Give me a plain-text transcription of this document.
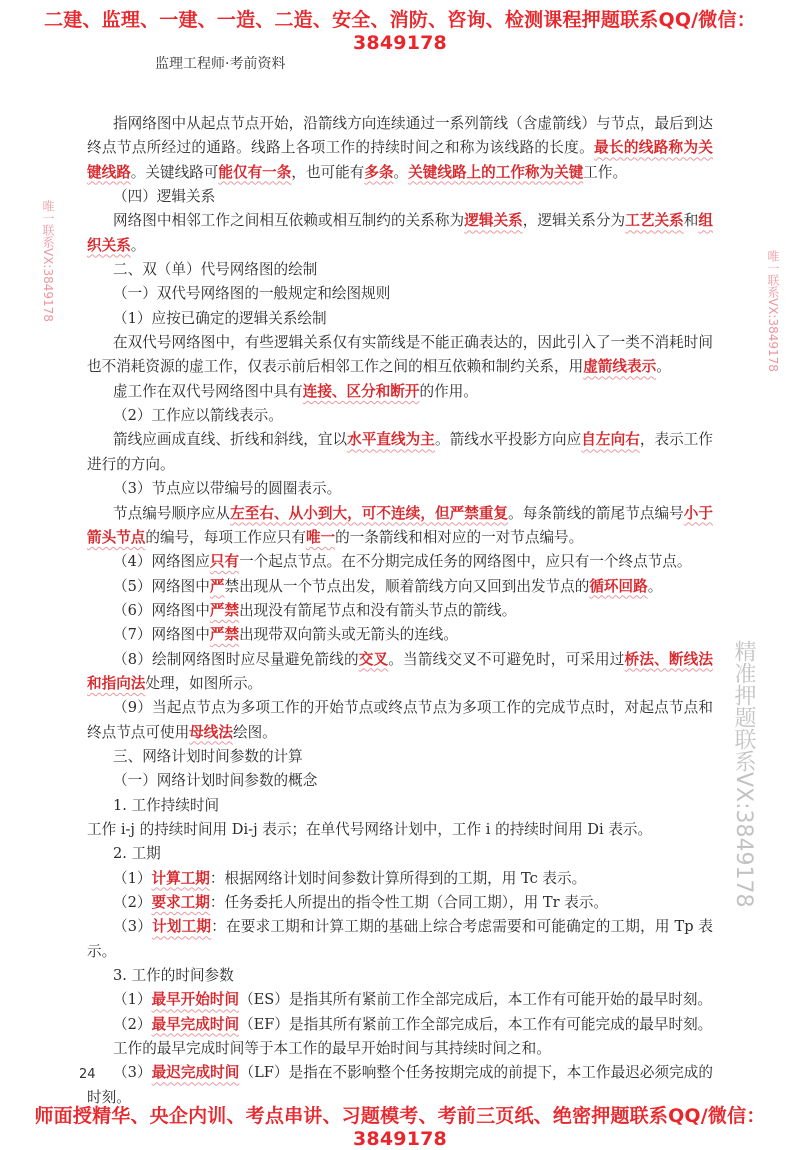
二建、监理、一建、一造、二造、安全、消防、咨询、检测课程押题联系QQ/微信：3849178
监理工程师·考前资料

指网络图中从起点节点开始，沿箭线方向连续通过一系列箭线（含虚箭线）与节点，最后到达终点节点所经过的通路。线路上各项工作的持续时间之和称为该线路的长度。最长的线路称为关键线路。关键线路可能仅有一条，也可能有多条。关键线路上的工作称为关键工作。

（四）逻辑关系

网络图中相邻工作之间相互依赖或相互制约的关系称为逻辑关系，逻辑关系分为工艺关系和组织关系。

二、双（单）代号网络图的绘制

（一）双代号网络图的一般规定和绘图规则

（1）应按已确定的逻辑关系绘制

在双代号网络图中，有些逻辑关系仅有实箭线是不能正确表达的，因此引入了一类不消耗时间也不消耗资源的虚工作，仅表示前后相邻工作之间的相互依赖和制约关系，用虚箭线表示。

虚工作在双代号网络图中具有连接、区分和断开的作用。

（2）工作应以箭线表示。

箭线应画成直线、折线和斜线，宜以水平直线为主。箭线水平投影方向应自左向右，表示工作进行的方向。

（3）节点应以带编号的圆圈表示。

节点编号顺序应从左至右、从小到大，可不连续，但严禁重复。每条箭线的箭尾节点编号小于箭头节点的编号，每项工作应只有唯一的一条箭线和相对应的一对节点编号。

（4）网络图应只有一个起点节点。在不分期完成任务的网络图中，应只有一个终点节点。

（5）网络图中严禁出现从一个节点出发，顺着箭线方向又回到出发节点的循环回路。

（6）网络图中严禁出现没有箭尾节点和没有箭头节点的箭线。

（7）网络图中严禁出现带双向箭头或无箭头的连线。

（8）绘制网络图时应尽量避免箭线的交叉。当箭线交叉不可避免时，可采用过桥法、断线法和指向法处理，如图所示。

（9）当起点节点为多项工作的开始节点或终点节点为多项工作的完成节点时，对起点节点和终点节点可使用母线法绘图。

三、网络计划时间参数的计算

（一）网络计划时间参数的概念

1. 工作持续时间

工作 i-j 的持续时间用 Di-j 表示；在单代号网络计划中，工作 i 的持续时间用 Di 表示。

2. 工期

（1）计算工期：根据网络计划时间参数计算所得到的工期，用 Tc 表示。

（2）要求工期：任务委托人所提出的指令性工期（合同工期），用 Tr 表示。

（3）计划工期：在要求工期和计算工期的基础上综合考虑需要和可能确定的工期，用 Tp 表示。

3. 工作的时间参数

（1）最早开始时间（ES）是指其所有紧前工作全部完成后，本工作有可能开始的最早时刻。

（2）最早完成时间（EF）是指其所有紧前工作全部完成后，本工作有可能完成的最早时刻。

工作的最早完成时间等于本工作的最早开始时间与其持续时间之和。

（3）最迟完成时间（LF）是指在不影响整个任务按期完成的前提下，本工作最迟必须完成的时刻。

24
师面授精华、央企内训、考点串讲、习题模考、考前三页纸、绝密押题联系QQ/微信：3849178
唯一联系VX:3849178	唯一联系VX:3849178
精准押题联系VX:3849178
